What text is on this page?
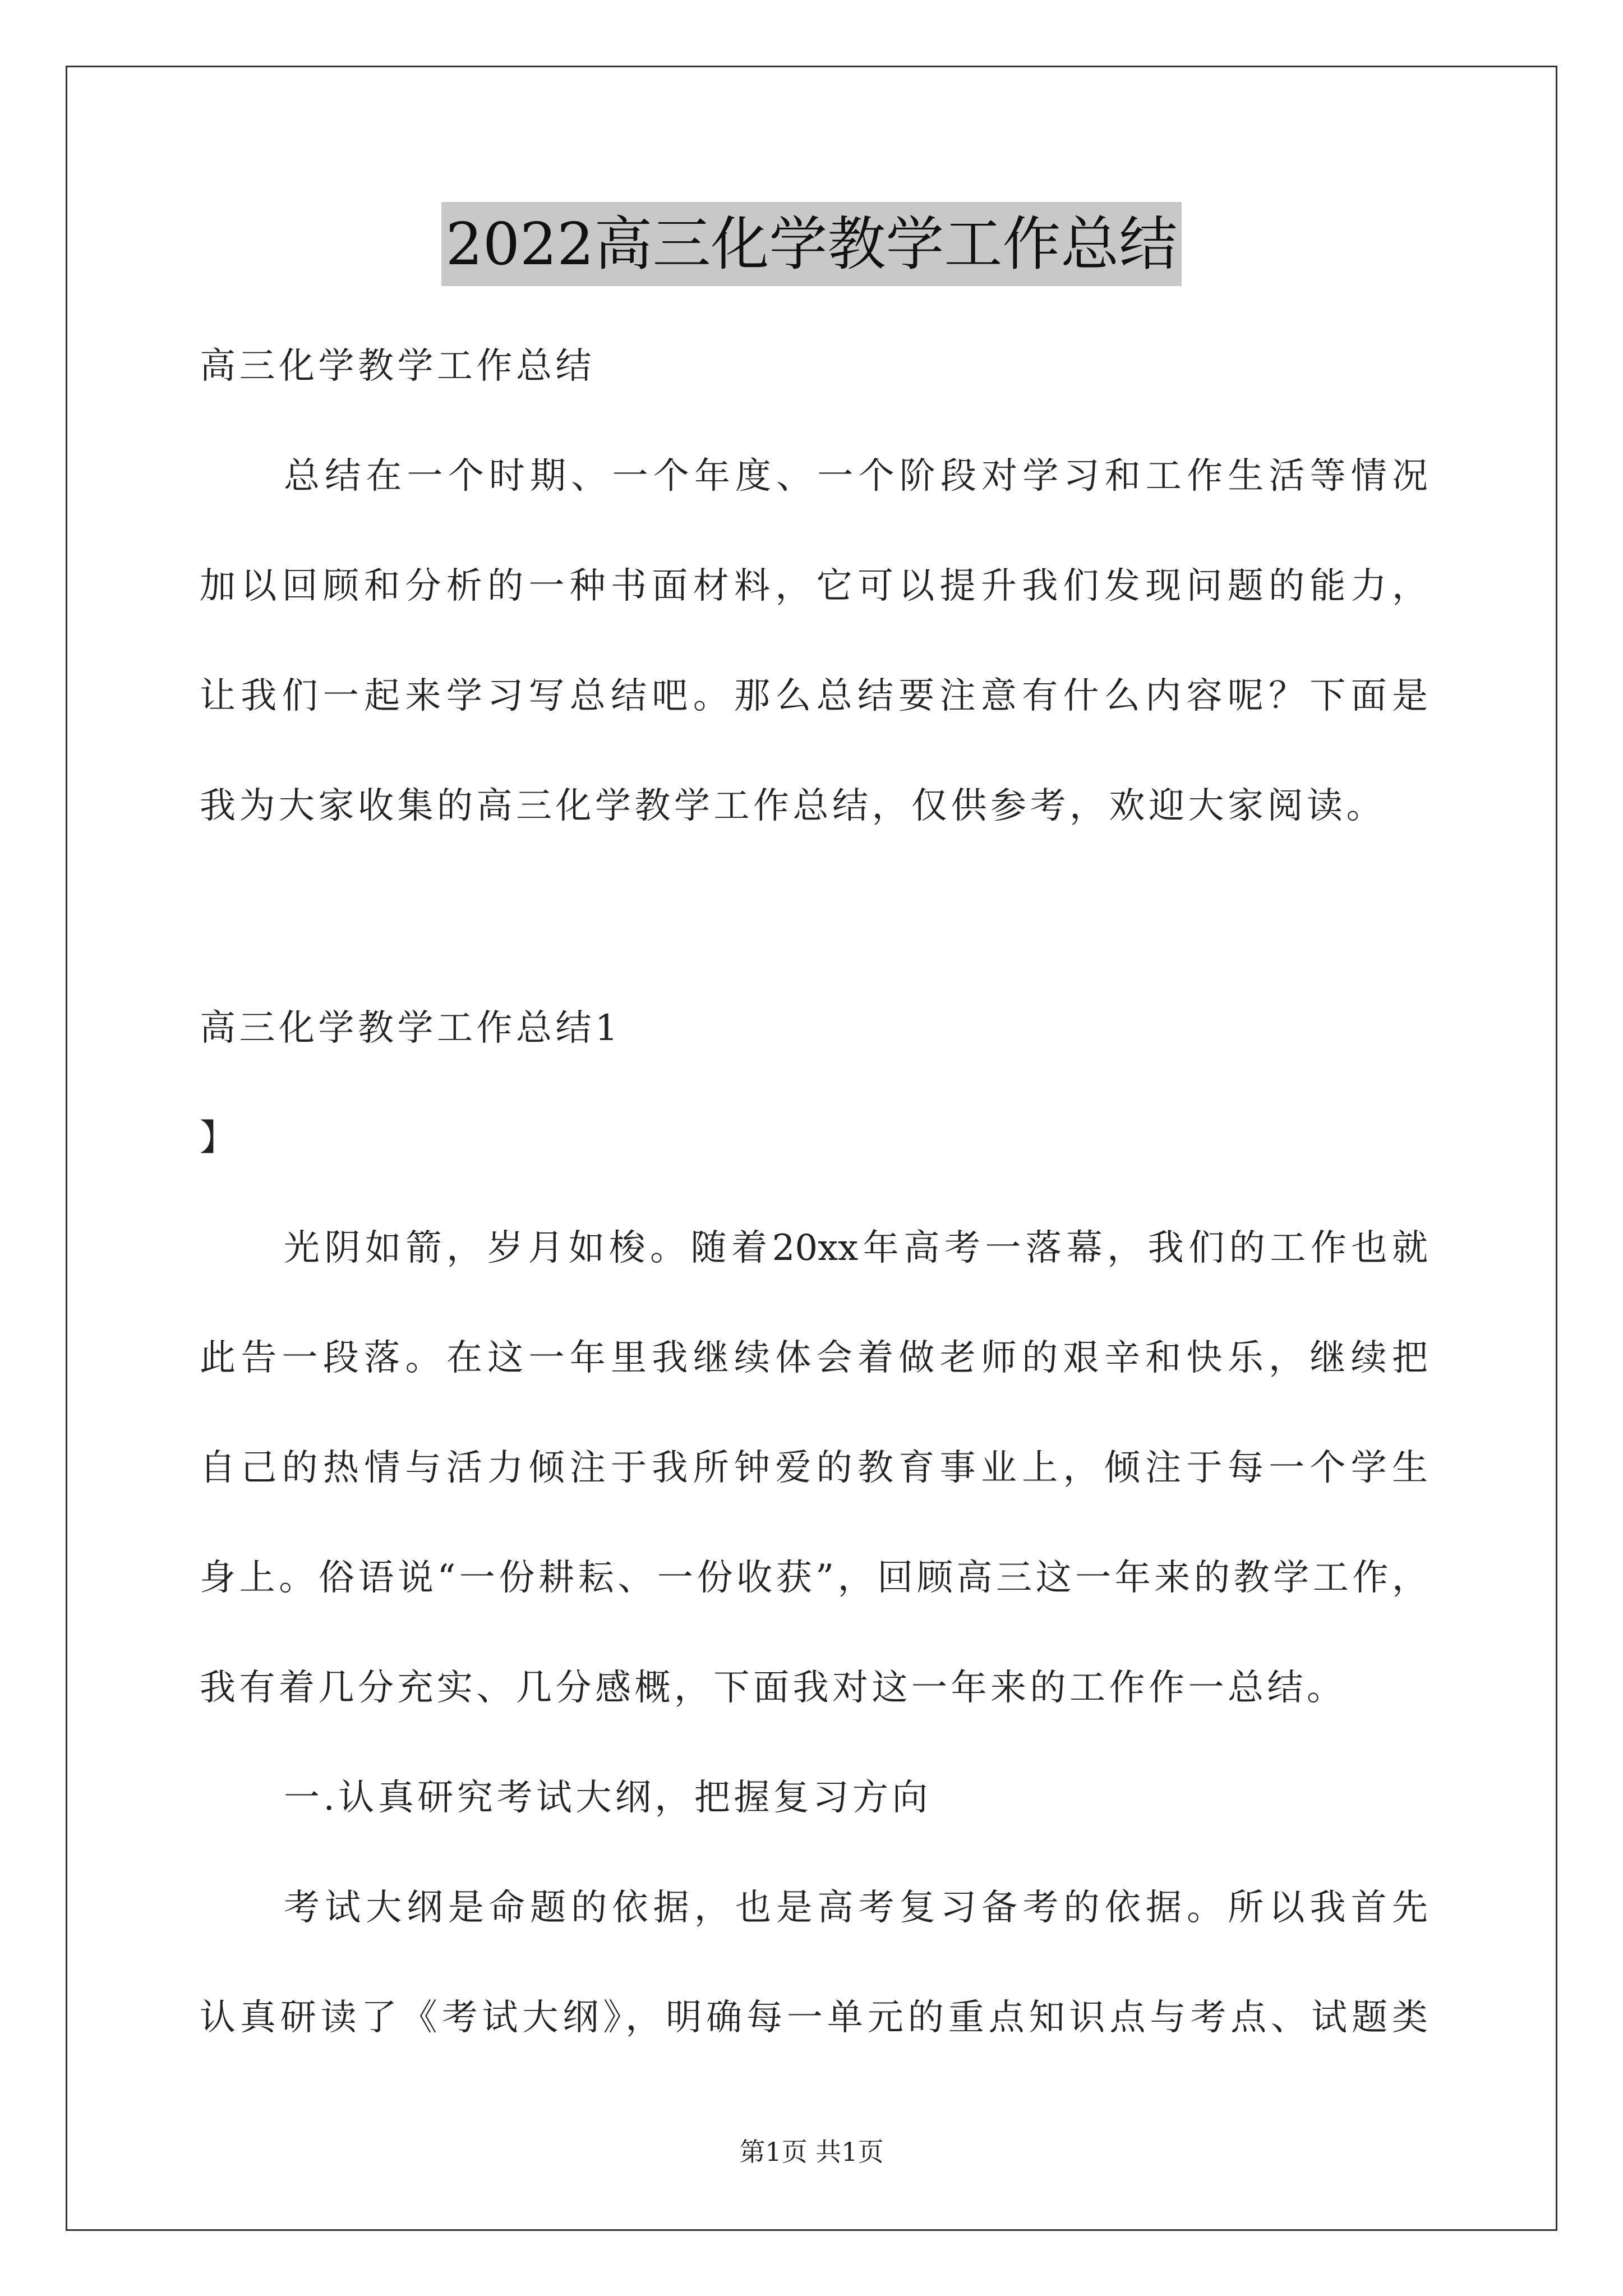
2022高三化学教学工作总结
高三化学教学工作总结
总结在一个时期、一个年度、一个阶段对学习和工作生活等情况
加以回顾和分析的一种书面材料，它可以提升我们发现问题的能力，
让我们一起来学习写总结吧。那么总结要注意有什么内容呢？下面是
我为大家收集的高三化学教学工作总结，仅供参考，欢迎大家阅读。
高三化学教学工作总结1
】
光阴如箭，岁月如梭。随着20xx年高考一落幕，我们的工作也就
此告一段落。在这一年里我继续体会着做老师的艰辛和快乐，继续把
自己的热情与活力倾注于我所钟爱的教育事业上，倾注于每一个学生
身上。俗语说“一份耕耘、一份收获”，回顾高三这一年来的教学工作，
我有着几分充实、几分感概，下面我对这一年来的工作作一总结。
一.认真研究考试大纲，把握复习方向
考试大纲是命题的依据，也是高考复习备考的依据。所以我首先
认真研读了《考试大纲》，明确每一单元的重点知识点与考点、试题类
第1页 共1页
